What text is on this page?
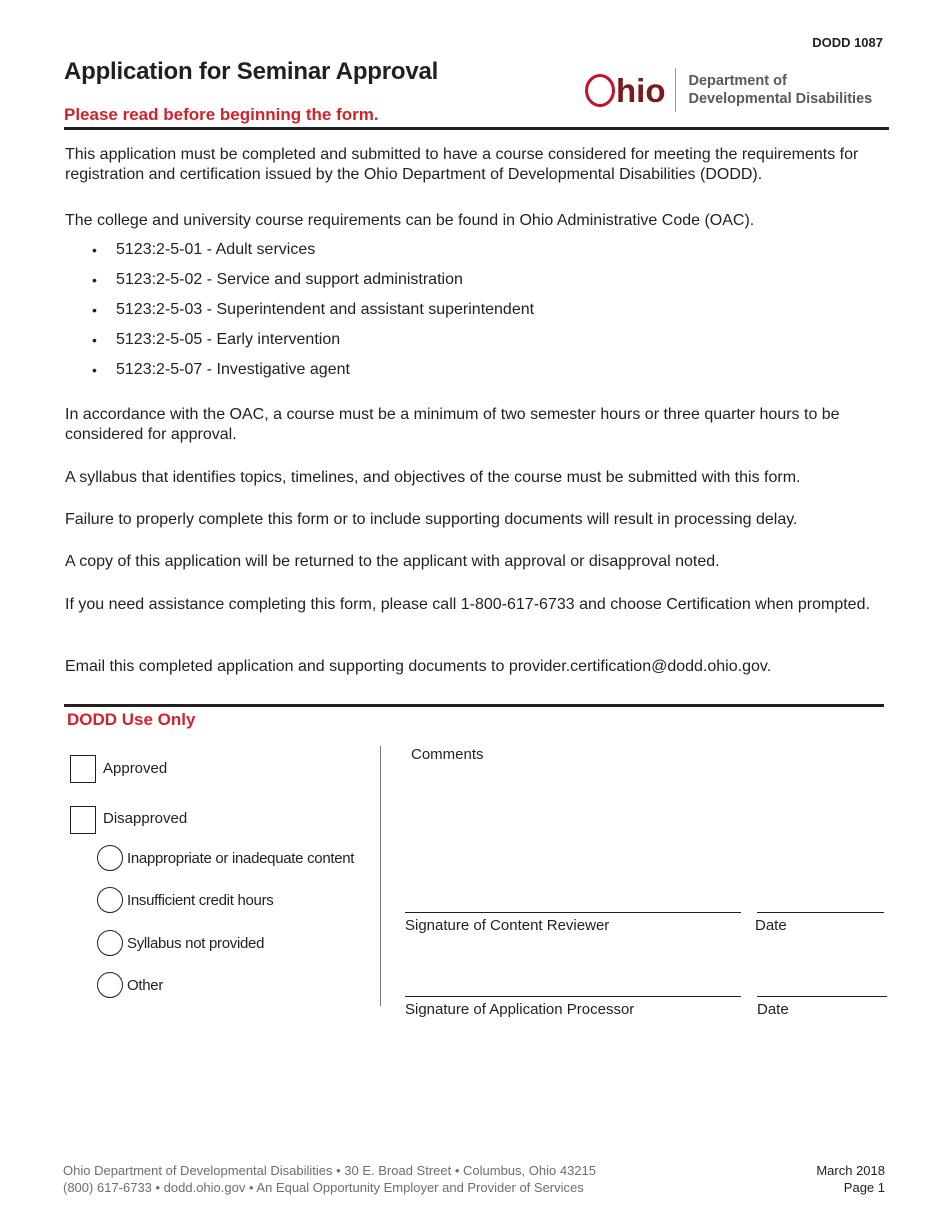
DODD 1087
Application for Seminar Approval
Please read before beginning the form.
hio Department of
Developmental Disabilities
This application must be completed and submitted to have a course considered for meeting the requirements for registration and certification issued by the Ohio Department of Developmental Disabilities (DODD).
The college and university course requirements can be found in Ohio Administrative Code (OAC).
•	5123:2-5-01 - Adult services
•	5123:2-5-02 - Service and support administration
•	5123:2-5-03 - Superintendent and assistant superintendent
•	5123:2-5-05 - Early intervention
•	5123:2-5-07 - Investigative agent
In accordance with the OAC, a course must be a minimum of two semester hours or three quarter hours to be considered for approval.
A syllabus that identifies topics, timelines, and objectives of the course must be submitted with this form.
Failure to properly complete this form or to include supporting documents will result in processing delay.
A copy of this application will be returned to the applicant with approval or disapproval noted.
If you need assistance completing this form, please call 1-800-617-6733 and choose Certification when prompted.
Email this completed application and supporting documents to provider.certification@dodd.ohio.gov.
DODD Use Only
Approved
Disapproved
Inappropriate or inadequate content
Insufficient credit hours
Syllabus not provided
Other
Comments
Signature of Content Reviewer	Date
Signature of Application Processor	Date
Ohio Department of Developmental Disabilities • 30 E. Broad Street • Columbus, Ohio 43215
(800) 617-6733 • dodd.ohio.gov • An Equal Opportunity Employer and Provider of Services
March 2018
Page 1
